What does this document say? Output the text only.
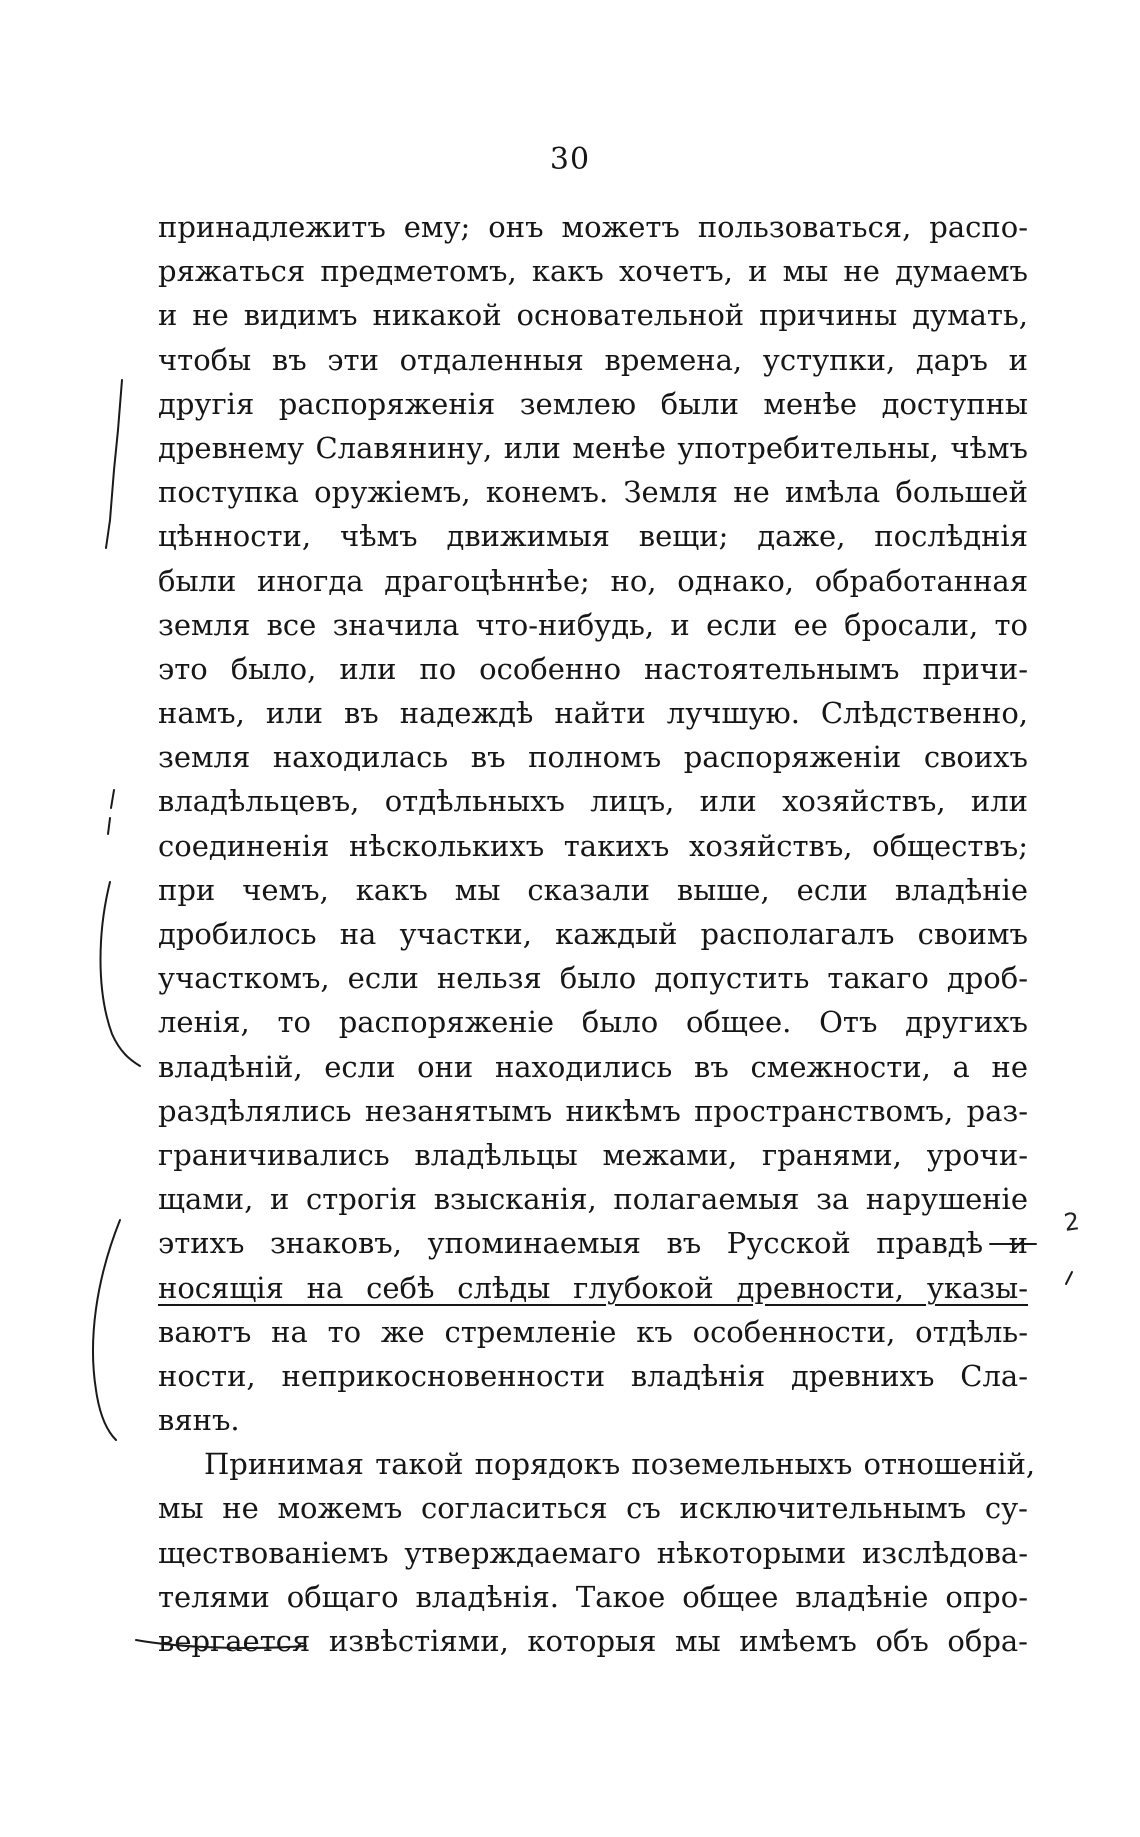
30
принадлежитъ ему; онъ можетъ пользоваться, распо-
ряжаться предметомъ, какъ хочетъ, и мы не думаемъ
и не видимъ никакой основательной причины думать,
чтобы въ эти отдаленныя времена, уступки, даръ и
другія распоряженія землею были менѣе доступны
древнему Славянину, или менѣе употребительны, чѣмъ
поступка оружіемъ, конемъ. Земля не имѣла большей
цѣнности, чѣмъ движимыя вещи; даже, послѣднія
были иногда драгоцѣннѣе; но, однако, обработанная
земля все значила что-нибудь, и если ее бросали, то
это было, или по особенно настоятельнымъ причи-
намъ, или въ надеждѣ найти лучшую. Слѣдственно,
земля находилась въ полномъ распоряженіи своихъ
владѣльцевъ, отдѣльныхъ лицъ, или хозяйствъ, или
соединенія нѣсколькихъ такихъ хозяйствъ, обществъ;
при чемъ, какъ мы сказали выше, если владѣніе
дробилось на участки, каждый располагалъ своимъ
участкомъ, если нельзя было допустить такаго дроб-
ленія, то распоряженіе было общее. Отъ другихъ
владѣній, если они находились въ смежности, а не
раздѣлялись незанятымъ никѣмъ пространствомъ, раз-
граничивались владѣльцы межами, гранями, урочи-
щами, и строгія взысканія, полагаемыя за нарушеніе
этихъ знаковъ, упоминаемыя въ Русской правдѣ и
носящія на себѣ слѣды глубокой древности, указы-
ваютъ на то же стремленіе къ особенности, отдѣль-
ности, неприкосновенности владѣнія древнихъ Сла-
вянъ.
Принимая такой порядокъ поземельныхъ отношеній,
мы не можемъ согласиться съ исключительнымъ су-
ществованіемъ утверждаемаго нѣкоторыми изслѣдова-
телями общаго владѣнія. Такое общее владѣніе опро-
вергается извѣстіями, которыя мы имѣемъ объ обра-
2
